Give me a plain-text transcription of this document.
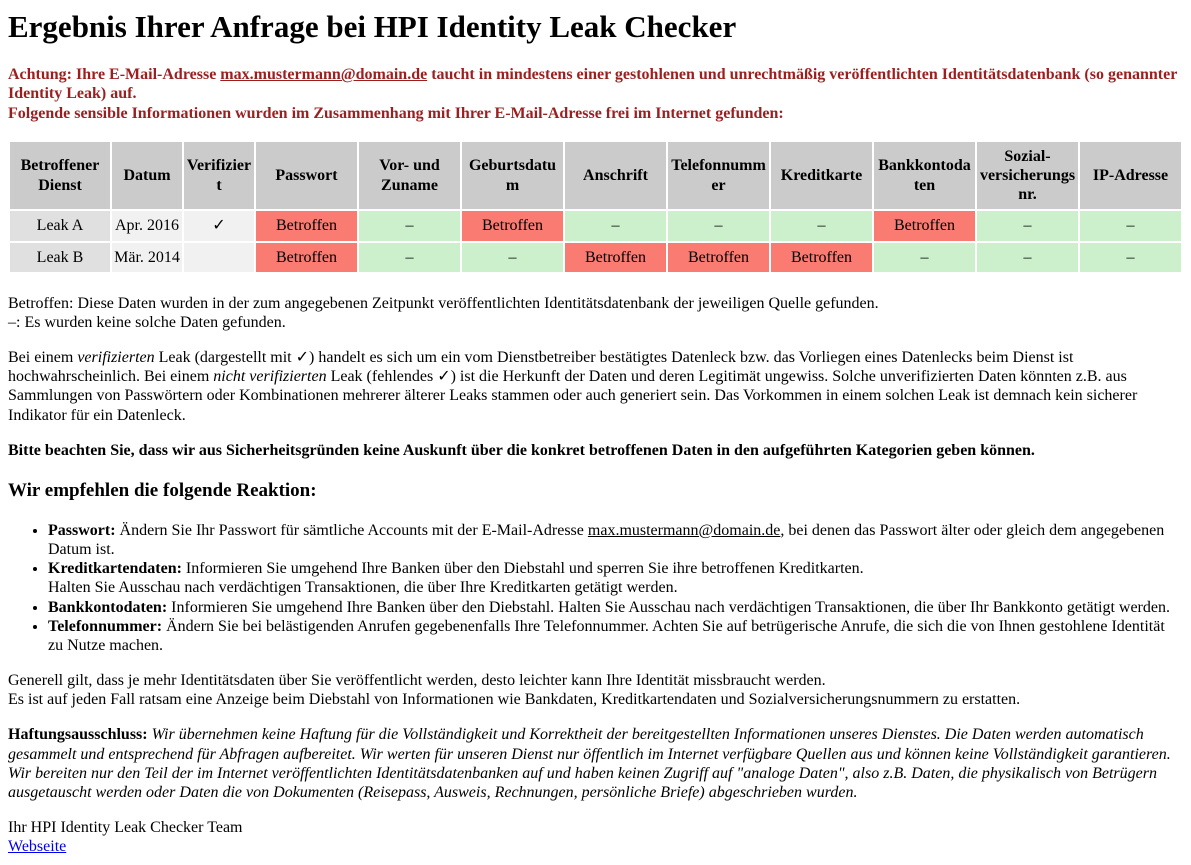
Ergebnis Ihrer Anfrage bei HPI Identity Leak Checker

Achtung: Ihre E-Mail-Adresse max.mustermann@domain.de taucht in mindestens einer gestohlenen und unrechtmäßig veröffentlichten Identitätsdatenbank (so genannter Identity Leak) auf.
Folgende sensible Informationen wurden im Zusammenhang mit Ihrer E-Mail-Adresse frei im Internet gefunden:

Betroffener Dienst	Datum	Verifiziert	Passwort	Vor- und Zuname	Geburtsdatum	Anschrift	Telefonnummer	Kreditkarte	Bankkontodaten	Sozial-versicherungsnr.	IP-Adresse
Leak A	Apr. 2016	✓	Betroffen	–	Betroffen	–	–	–	Betroffen	–	–
Leak B	Mär. 2014		Betroffen	–	–	Betroffen	Betroffen	Betroffen	–	–	–

Betroffen: Diese Daten wurden in der zum angegebenen Zeitpunkt veröffentlichten Identitätsdatenbank der jeweiligen Quelle gefunden.
–: Es wurden keine solche Daten gefunden.

Bei einem verifizierten Leak (dargestellt mit ✓) handelt es sich um ein vom Dienstbetreiber bestätigtes Datenleck bzw. das Vorliegen eines Datenlecks beim Dienst ist hochwahrscheinlich. Bei einem nicht verifizierten Leak (fehlendes ✓) ist die Herkunft der Daten und deren Legitimät ungewiss. Solche unverifizierten Daten könnten z.B. aus Sammlungen von Passwörtern oder Kombinationen mehrerer älterer Leaks stammen oder auch generiert sein. Das Vorkommen in einem solchen Leak ist demnach kein sicherer Indikator für ein Datenleck.

Bitte beachten Sie, dass wir aus Sicherheitsgründen keine Auskunft über die konkret betroffenen Daten in den aufgeführten Kategorien geben können.

Wir empfehlen die folgende Reaktion:
• Passwort: Ändern Sie Ihr Passwort für sämtliche Accounts mit der E-Mail-Adresse max.mustermann@domain.de, bei denen das Passwort älter oder gleich dem angegebenen Datum ist.
• Kreditkartendaten: Informieren Sie umgehend Ihre Banken über den Diebstahl und sperren Sie ihre betroffenen Kreditkarten.
Halten Sie Ausschau nach verdächtigen Transaktionen, die über Ihre Kreditkarten getätigt werden.
• Bankkontodaten: Informieren Sie umgehend Ihre Banken über den Diebstahl. Halten Sie Ausschau nach verdächtigen Transaktionen, die über Ihr Bankkonto getätigt werden.
• Telefonnummer: Ändern Sie bei belästigenden Anrufen gegebenenfalls Ihre Telefonnummer. Achten Sie auf betrügerische Anrufe, die sich die von Ihnen gestohlene Identität zu Nutze machen.

Generell gilt, dass je mehr Identitätsdaten über Sie veröffentlicht werden, desto leichter kann Ihre Identität missbraucht werden.
Es ist auf jeden Fall ratsam eine Anzeige beim Diebstahl von Informationen wie Bankdaten, Kreditkartendaten und Sozialversicherungsnummern zu erstatten.

Haftungsausschluss: Wir übernehmen keine Haftung für die Vollständigkeit und Korrektheit der bereitgestellten Informationen unseres Dienstes. Die Daten werden automatisch gesammelt und entsprechend für Abfragen aufbereitet. Wir werten für unseren Dienst nur öffentlich im Internet verfügbare Quellen aus und können keine Vollständigkeit garantieren. Wir bereiten nur den Teil der im Internet veröffentlichten Identitätsdatenbanken auf und haben keinen Zugriff auf "analoge Daten", also z.B. Daten, die physikalisch von Betrügern ausgetauscht werden oder Daten die von Dokumenten (Reisepass, Ausweis, Rechnungen, persönliche Briefe) abgeschrieben wurden.

Ihr HPI Identity Leak Checker Team
Webseite
